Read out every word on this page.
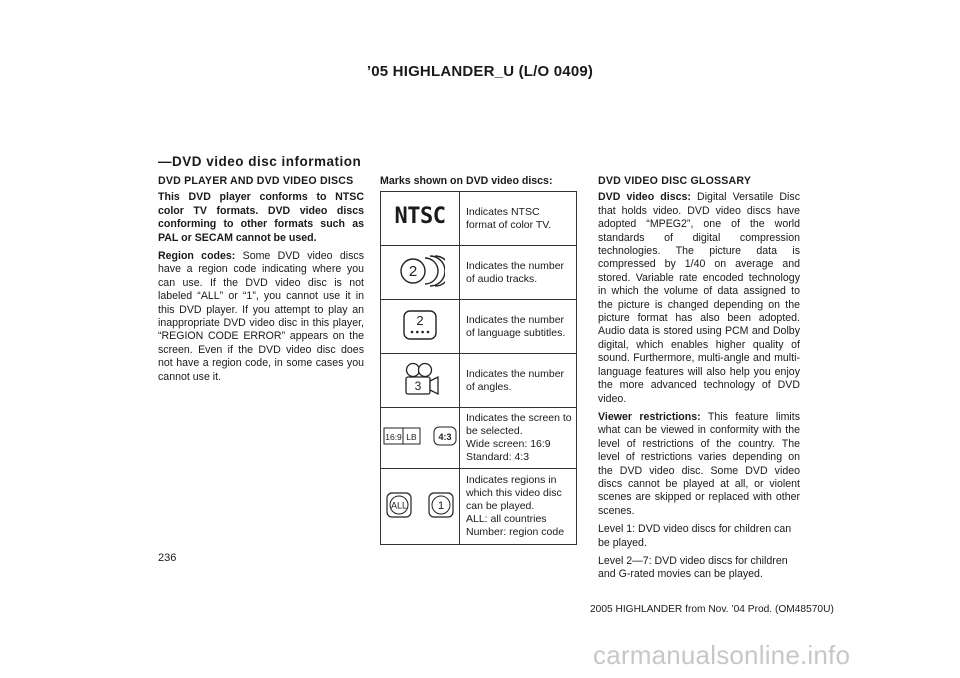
’05 HIGHLANDER_U (L/O 0409)
—DVD video disc information
DVD PLAYER AND DVD VIDEO DISCS

This DVD player conforms to NTSC color TV formats. DVD video discs conforming to other formats such as PAL or SECAM cannot be used.

Region codes: Some DVD video discs have a region code indicating where you can use. If the DVD video disc is not labeled “ALL” or “1”, you cannot use it in this DVD player. If you attempt to play an inappropriate DVD video disc in this player, “REGION CODE ERROR” appears on the screen. Even if the DVD video disc does not have a region code, in some cases you cannot use it.

Marks shown on DVD video discs:
NTSC	Indicates NTSC format of color TV.

2	Indicates the number of audio tracks.

2	Indicates the number of language subtitles.

3	Indicates the number of angles.

16:9 LB 4:3	Indicates the screen to be selected.
Wide screen: 16:9
Standard: 4:3

ALL 1	Indicates regions in which this video disc can be played.
ALL: all countries
Number: region code
DVD VIDEO DISC GLOSSARY

DVD video discs: Digital Versatile Disc that holds video. DVD video discs have adopted “MPEG2”, one of the world standards of digital compression technologies. The picture data is compressed by 1/40 on average and stored. Variable rate encoded technology in which the volume of data assigned to the picture is changed depending on the picture format has also been adopted. Audio data is stored using PCM and Dolby digital, which enables higher quality of sound. Furthermore, multi-angle and multi-language features will also help you enjoy the more advanced technology of DVD video.

Viewer restrictions: This feature limits what can be viewed in conformity with the level of restrictions of the country. The level of restrictions varies depending on the DVD video disc. Some DVD video discs cannot be played at all, or violent scenes are skipped or replaced with other scenes.

Level 1: DVD video discs for children can be played.

Level 2—7: DVD video discs for children and G-rated movies can be played.

236
2005 HIGHLANDER from Nov. ’04 Prod. (OM48570U)
carmanualsonline.info
